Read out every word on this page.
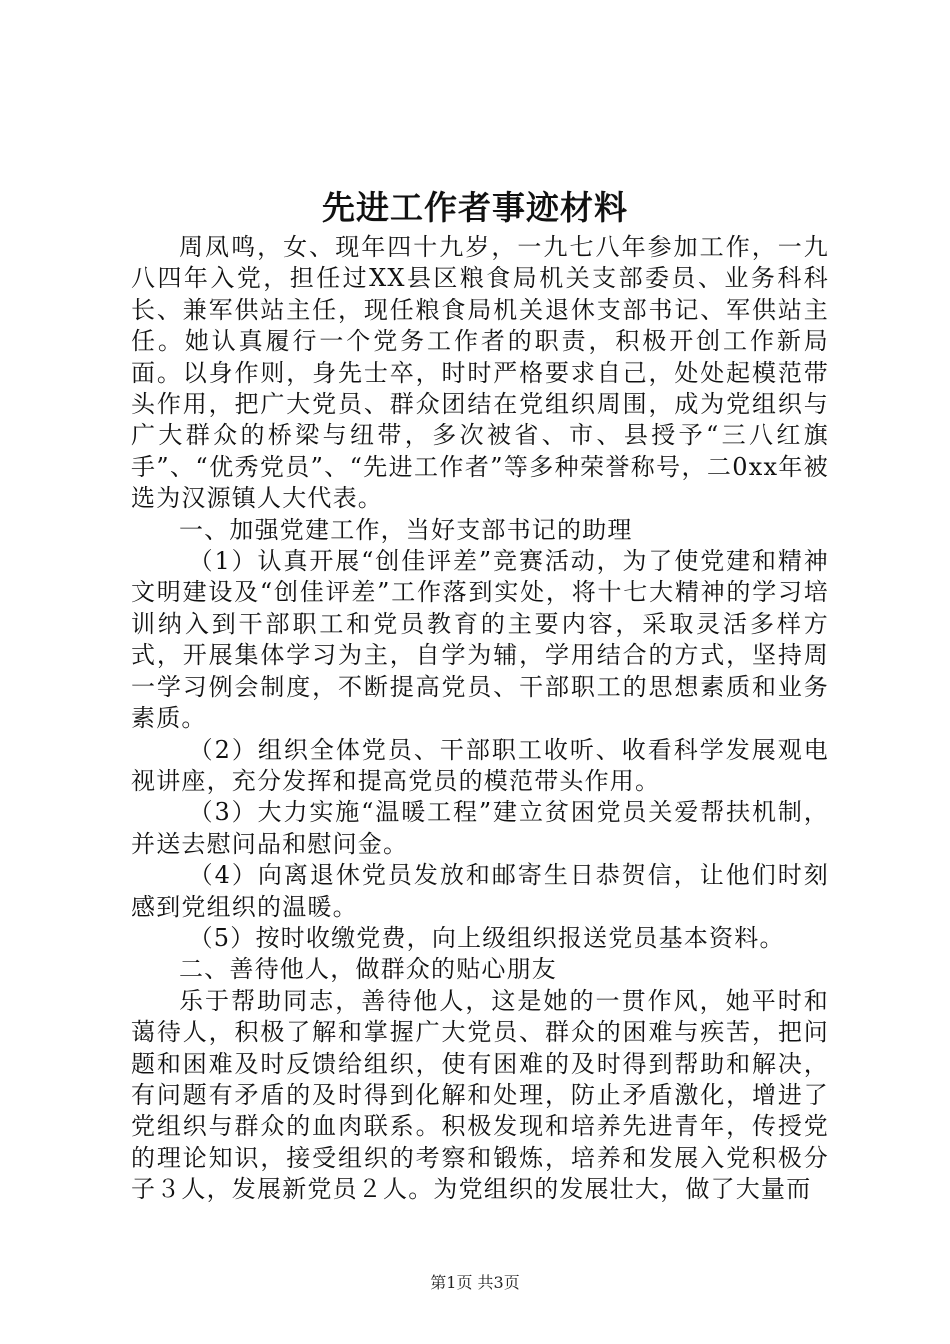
先进工作者事迹材料

周凤鸣，女、现年四十九岁，一九七八年参加工作，一九八四年入党，担任过XX县区粮食局机关支部委员、业务科科长、兼军供站主任，现任粮食局机关退休支部书记、军供站主任。她认真履行一个党务工作者的职责，积极开创工作新局面。以身作则，身先士卒，时时严格要求自己，处处起模范带头作用，把广大党员、群众团结在党组织周围，成为党组织与广大群众的桥梁与纽带，多次被省、市、县授予“三八红旗手”、“优秀党员”、“先进工作者”等多种荣誉称号，二0xx年被选为汉源镇人大代表。

一、加强党建工作，当好支部书记的助理

（1）认真开展“创佳评差”竞赛活动，为了使党建和精神文明建设及“创佳评差”工作落到实处，将十七大精神的学习培训纳入到干部职工和党员教育的主要内容，采取灵活多样方式，开展集体学习为主，自学为辅，学用结合的方式，坚持周一学习例会制度，不断提高党员、干部职工的思想素质和业务素质。

（2）组织全体党员、干部职工收听、收看科学发展观电视讲座，充分发挥和提高党员的模范带头作用。

（3）大力实施“温暖工程”建立贫困党员关爱帮扶机制，并送去慰问品和慰问金。

（4）向离退休党员发放和邮寄生日恭贺信，让他们时刻感到党组织的温暖。

（5）按时收缴党费，向上级组织报送党员基本资料。

二、善待他人，做群众的贴心朋友

乐于帮助同志，善待他人，这是她的一贯作风，她平时和蔼待人，积极了解和掌握广大党员、群众的困难与疾苦，把问题和困难及时反馈给组织，使有困难的及时得到帮助和解决，有问题有矛盾的及时得到化解和处理，防止矛盾激化，增进了党组织与群众的血肉联系。积极发现和培养先进青年，传授党的理论知识，接受组织的考察和锻炼，培养和发展入党积极分子３人，发展新党员２人。为党组织的发展壮大，做了大量而

第1页 共3页
